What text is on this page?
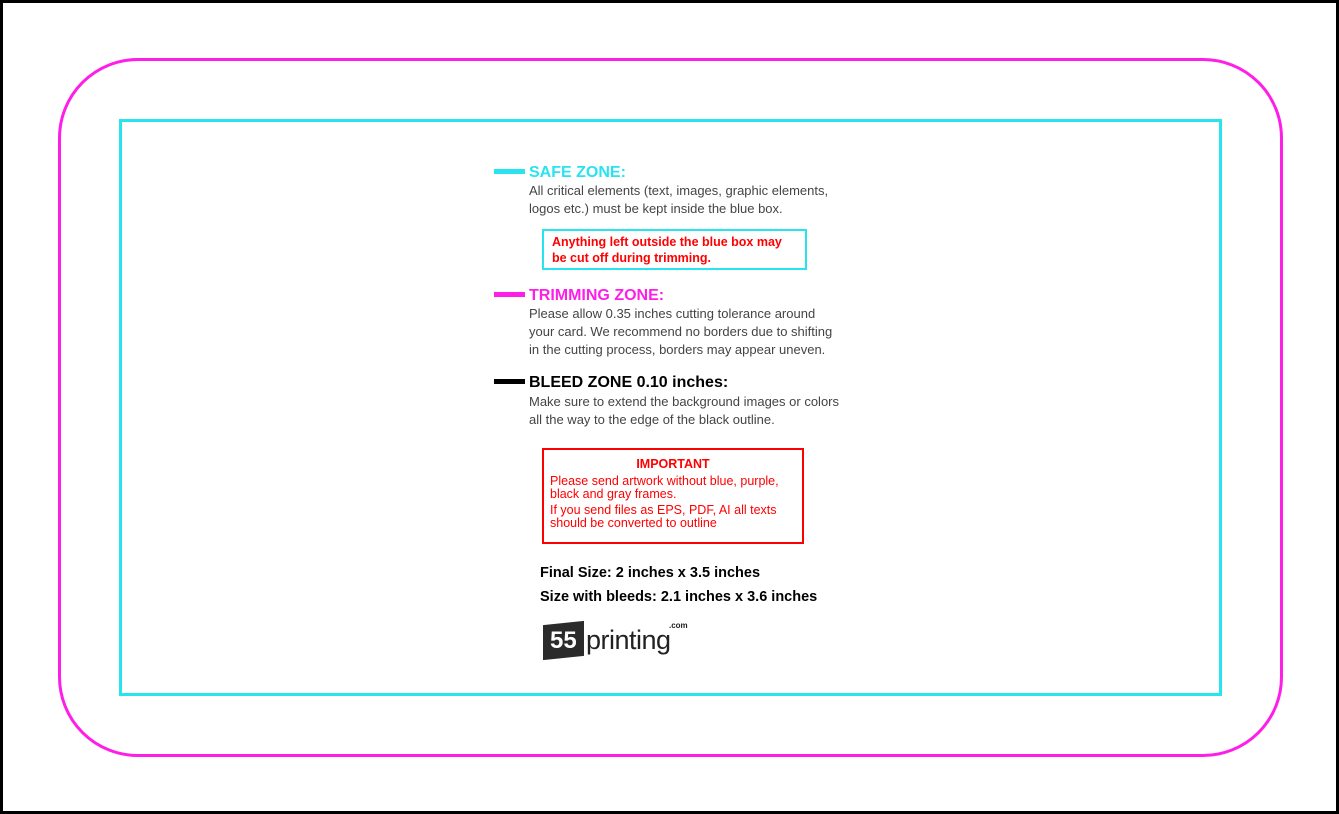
SAFE ZONE:
All critical elements (text, images, graphic elements,
logos etc.) must be kept inside the blue box.
Anything left outside the blue box may
be cut off during trimming.
TRIMMING ZONE:
Please allow 0.35 inches cutting tolerance around
your card. We recommend no borders due to shifting
in the cutting process, borders may appear uneven.
BLEED ZONE 0.10 inches:
Make sure to extend the background images or colors
all the way to the edge of the black outline.
IMPORTANT
Please send artwork without blue, purple,
black and gray frames.
If you send files as EPS, PDF, AI all texts
should be converted to outline
Final Size: 2 inches x 3.5 inches
Size with bleeds: 2.1 inches x 3.6 inches
55 printing
.com
